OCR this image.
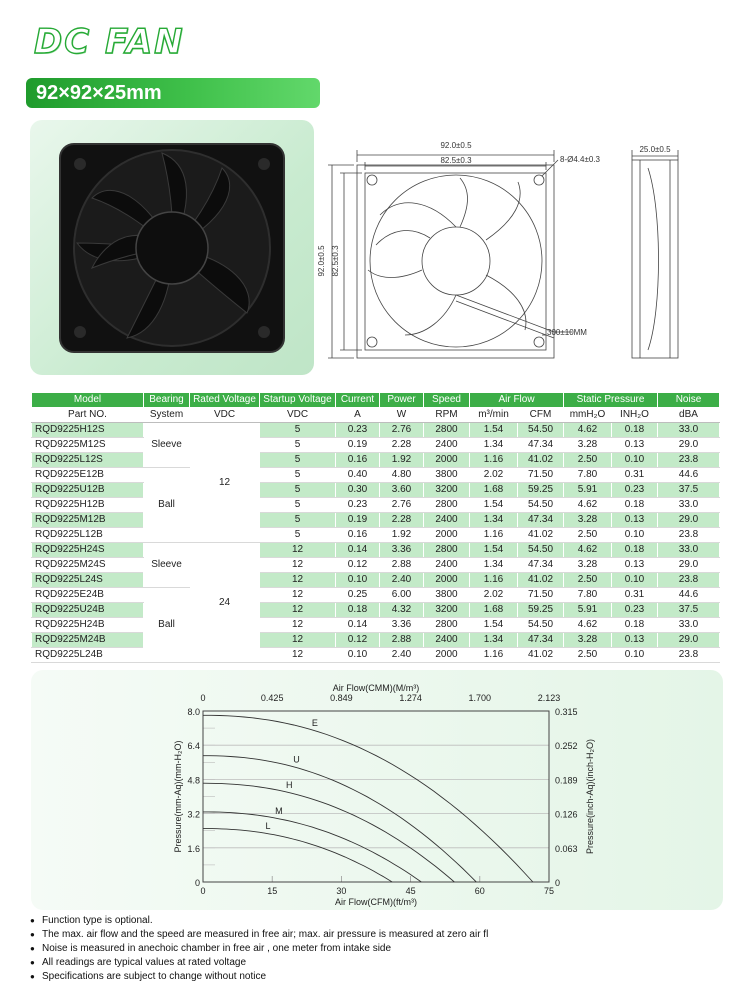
DC FAN
92×92×25mm
92.0±0.5
82.5±0.3	8-Ø4.4±0.3
92.0±0.5 82.5±0.3
300±10MM
25.0±0.5
Model	Bearing	Rated Voltage	Startup Voltage	Current	Power	Speed	Air Flow		Static Pressure		Noise
Part NO.	System	VDC	VDC	A	W	RPM	m³/min	CFM	mmH₂O	INH₂O	dBA
RQD9225H12S	Sleeve	12	5	0.23	2.76	2800	1.54	54.50	4.62	0.18	33.0
RQD9225M12S			5	0.19	2.28	2400	1.34	47.34	3.28	0.13	29.0
RQD9225L12S			5	0.16	1.92	2000	1.16	41.02	2.50	0.10	23.8
RQD9225E12B	Ball		5	0.40	4.80	3800	2.02	71.50	7.80	0.31	44.6
RQD9225U12B			5	0.30	3.60	3200	1.68	59.25	5.91	0.23	37.5
RQD9225H12B			5	0.23	2.76	2800	1.54	54.50	4.62	0.18	33.0
RQD9225M12B			5	0.19	2.28	2400	1.34	47.34	3.28	0.13	29.0
RQD9225L12B			5	0.16	1.92	2000	1.16	41.02	2.50	0.10	23.8
RQD9225H24S	Sleeve	24	12	0.14	3.36	2800	1.54	54.50	4.62	0.18	33.0
RQD9225M24S			12	0.12	2.88	2400	1.34	47.34	3.28	0.13	29.0
RQD9225L24S			12	0.10	2.40	2000	1.16	41.02	2.50	0.10	23.8
RQD9225E24B	Ball		12	0.25	6.00	3800	2.02	71.50	7.80	0.31	44.6
RQD9225U24B			12	0.18	4.32	3200	1.68	59.25	5.91	0.23	37.5
RQD9225H24B			12	0.14	3.36	2800	1.54	54.50	4.62	0.18	33.0
RQD9225M24B			12	0.12	2.88	2400	1.34	47.34	3.28	0.13	29.0
RQD9225L24B			12	0.10	2.40	2000	1.16	41.02	2.50	0.10	23.8
0
1.6
3.2
4.8
6.4
8.0
0
0.063
0.126
0.189
0.252
0.315
0	15	30	45	60	75
0	0.425	0.849	1.274	1.700	2.123
Air Flow(CMM)(M/m³)
Air Flow(CFM)(ft/m³)
Pressure(mm-Aq)(mm-H₂O)	Pressure(inch-Aq)(inch-H₂O)
E
U
H
M
L
● Function type is optional.
● The max. air flow and the speed are measured in free air; max. air pressure is measured at zero air fl
● Noise is measured in anechoic chamber in free air , one meter from intake side
● All readings are typical values at rated voltage
● Specifications are subject to change without notice
